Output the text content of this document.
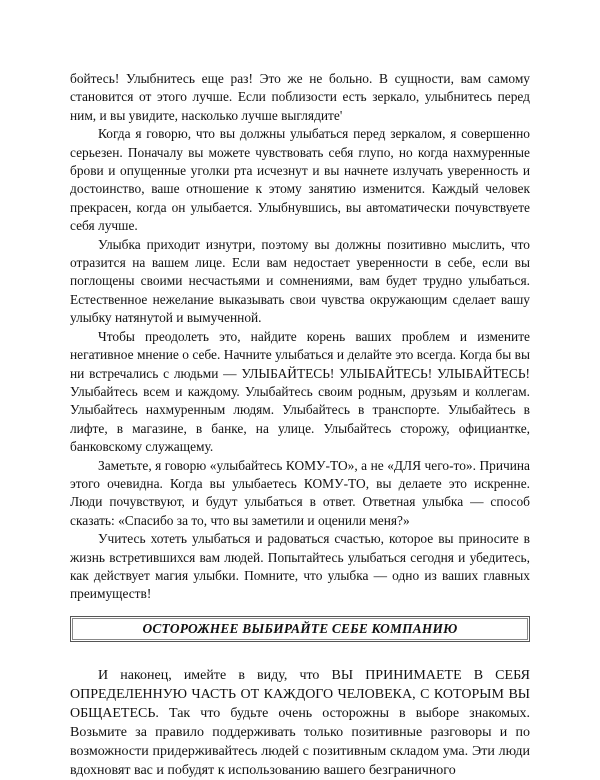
бойтесь! Улыбнитесь еще раз! Это же не больно. В сущности, вам самому становится от этого лучше. Если поблизости есть зеркало, улыбнитесь перед ним, и вы увидите, насколько лучше выглядите'

Когда я говорю, что вы должны улыбаться перед зеркалом, я совершенно серьезен. Поначалу вы можете чувствовать себя глупо, но когда нахмуренные брови и опущенные уголки рта исчезнут и вы начнете излучать уверенность и достоинство, ваше отношение к этому занятию изменится. Каждый человек прекрасен, когда он улыбается. Улыбнувшись, вы автоматически почувствуете себя лучше.

Улыбка приходит изнутри, поэтому вы должны позитивно мыслить, что отразится на вашем лице. Если вам недостает уверенности в себе, если вы поглощены своими несчастьями и сомнениями, вам будет трудно улыбаться. Естественное нежелание выказывать свои чувства окружающим сделает вашу улыбку натянутой и вымученной.

Чтобы преодолеть это, найдите корень ваших проблем и измените негативное мнение о себе. Начните улыбаться и делайте это всегда. Когда бы вы ни встречались с людьми — УЛЫБАЙТЕСЬ! УЛЫБАЙТЕСЬ! УЛЫБАЙТЕСЬ! Улыбайтесь всем и каждому. Улыбайтесь своим родным, друзьям и коллегам. Улыбайтесь нахмуренным людям. Улыбайтесь в транспорте. Улыбайтесь в лифте, в магазине, в банке, на улице. Улыбайтесь сторожу, официантке, банковскому служащему.

Заметьте, я говорю «улыбайтесь КОМУ-ТО», а не «ДЛЯ чего-то». Причина этого очевидна. Когда вы улыбаетесь КОМУ-ТО, вы делаете это искренне. Люди почувствуют, и будут улыбаться в ответ. Ответная улыбка — способ сказать: «Спасибо за то, что вы заметили и оценили меня?»

Учитесь хотеть улыбаться и радоваться счастью, которое вы приносите в жизнь встретившихся вам людей. Попытайтесь улыбаться сегодня и убедитесь, как действует магия улыбки. Помните, что улыбка — одно из ваших главных преимуществ!

ОСТОРОЖНЕЕ ВЫБИРАЙТЕ СЕБЕ КОМПАНИЮ

И наконец, имейте в виду, что ВЫ ПРИНИМАЕТЕ В СЕБЯ ОПРЕДЕЛЕННУЮ ЧАСТЬ ОТ КАЖДОГО ЧЕЛОВЕКА, С КОТОРЫМ ВЫ ОБЩАЕТЕСЬ. Так что будьте очень осторожны в выборе знакомых. Возьмите за правило поддерживать только позитивные разговоры и по возможности придерживайтесь людей с позитивным складом ума. Эти люди вдохновят вас и побудят к использованию вашего безграничного
